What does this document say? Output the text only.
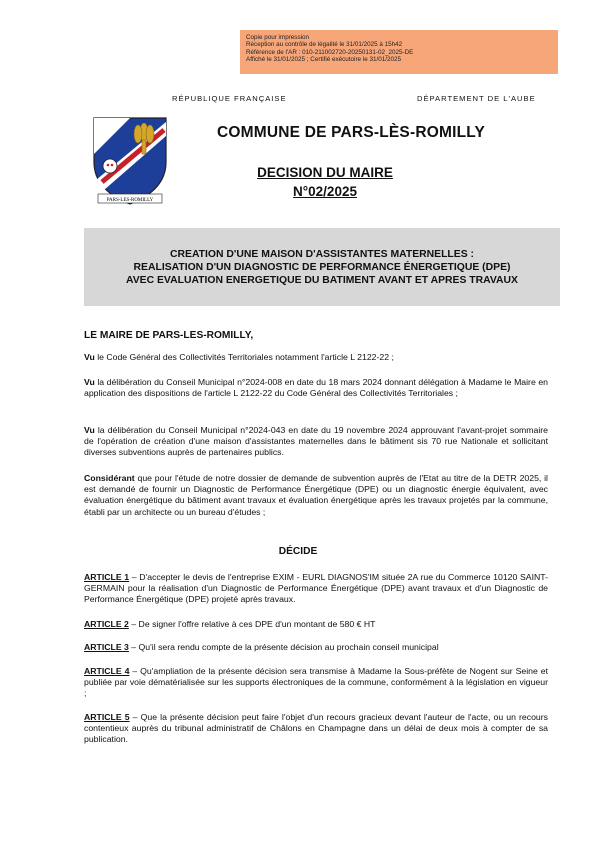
Copie pour impression
Réception au contrôle de légalité le 31/01/2025 à 15h42
Référence de l'AR : 010-211002720-20250131-02_2025-DE
Affiché le 31/01/2025 ; Certifié exécutoire le 31/01/2025
RÉPUBLIQUE FRANÇAISE	DÉPARTEMENT DE L'AUBE
PARS-LES-ROMILLY
COMMUNE DE PARS-LÈS-ROMILLY
DECISION DU MAIRE
N°02/2025
CREATION D'UNE MAISON D'ASSISTANTES MATERNELLES :
REALISATION D'UN DIAGNOSTIC DE PERFORMANCE ÉNERGETIQUE (DPE)
AVEC EVALUATION ENERGETIQUE DU BATIMENT AVANT ET APRES TRAVAUX
LE MAIRE DE PARS-LES-ROMILLY,
Vu le Code Général des Collectivités Territoriales notamment l'article L 2122-22 ;
Vu la délibération du Conseil Municipal n°2024-008 en date du 18 mars 2024 donnant délégation à Madame le Maire en application des dispositions de l'article L 2122-22 du Code Général des Collectivités Territoriales ;
Vu la délibération du Conseil Municipal n°2024-043 en date du 19 novembre 2024 approuvant l'avant-projet sommaire de l'opération de création d'une maison d'assistantes maternelles dans le bâtiment sis 70 rue Nationale et sollicitant diverses subventions auprès de partenaires publics.
Considérant que pour l'étude de notre dossier de demande de subvention auprès de l'Etat au titre de la DETR 2025, il est demandé de fournir un Diagnostic de Performance Énergétique (DPE) ou un diagnostic énergie équivalent, avec évaluation énergétique du bâtiment avant travaux et évaluation énergétique après les travaux projetés par la commune, établi par un architecte ou un bureau d'études ;
DÉCIDE
ARTICLE 1 – D'accepter le devis de l'entreprise EXIM - EURL DIAGNOS'IM située 2A rue du Commerce 10120 SAINT-GERMAIN pour la réalisation d'un Diagnostic de Performance Énergétique (DPE) avant travaux et d'un Diagnostic de Performance Énergétique (DPE) projeté après travaux.
ARTICLE 2 – De signer l'offre relative à ces DPE d'un montant de 580 € HT
ARTICLE 3 – Qu'il sera rendu compte de la présente décision au prochain conseil municipal
ARTICLE 4 – Qu'ampliation de la présente décision sera transmise à Madame la Sous-préfète de Nogent sur Seine et publiée par voie dématérialisée sur les supports électroniques de la commune, conformément à la législation en vigueur ;
ARTICLE 5 – Que la présente décision peut faire l'objet d'un recours gracieux devant l'auteur de l'acte, ou un recours contentieux auprès du tribunal administratif de Châlons en Champagne dans un délai de deux mois à compter de sa publication.
